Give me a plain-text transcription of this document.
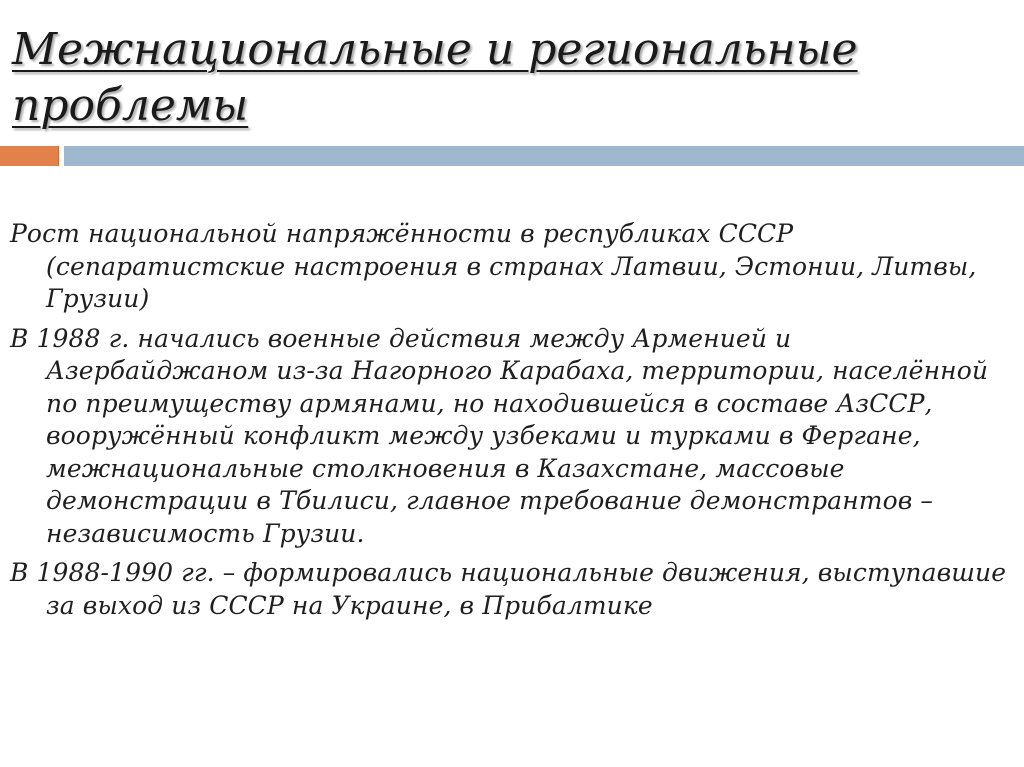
Межнациональные и региональные проблемы

Рост национальной напряжённости в республиках СССР (сепаратистские настроения в странах Латвии, Эстонии, Литвы, Грузии)

В 1988 г. начались военные действия между Арменией и Азербайджаном из-за Нагорного Карабаха, территории, населённой по преимуществу армянами, но находившейся в составе АзССР, вооружённый конфликт между узбеками и турками в Фергане, межнациональные столкновения в Казахстане, массовые демонстрации в Тбилиси, главное требование демонстрантов – независимость Грузии.

В 1988-1990 гг. – формировались национальные движения, выступавшие за выход из СССР на Украине, в Прибалтике
